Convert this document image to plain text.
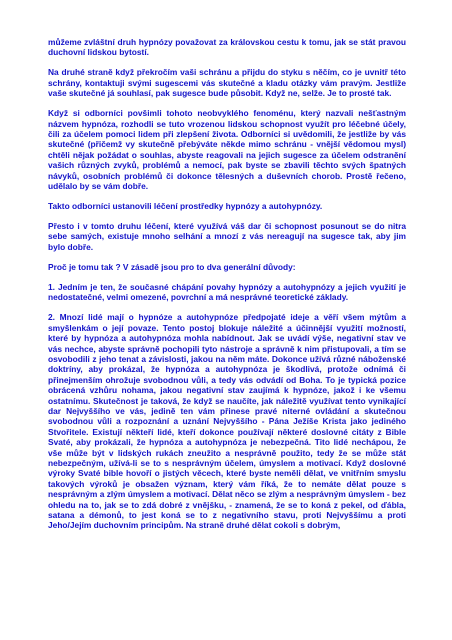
můžeme zvláštní druh hypnózy považovat za královskou cestu k tomu, jak se stát pravou duchovní lidskou bytostí.

Na druhé straně když překročím vaši schránu a přijdu do styku s něčím, co je uvnitř této schrány, kontaktuji svými sugescemi vás skutečné a kladu otázky vám pravým. Jestliže vaše skutečné já souhlasí, pak sugesce bude působit. Když ne, selže. Je to prosté tak.

Když si odborníci povšimli tohoto neobvyklého fenoménu, který nazvali nešťastným názvem hypnóza, rozhodli se tuto vrozenou lidskou schopnost využít pro léčebné účely, čili za účelem pomoci lidem při zlepšení života. Odborníci si uvědomili, že jestliže by vás skutečné (přičemž vy skutečně přebýváte někde mimo schránu - vnější vědomou mysl) chtěli nějak požádat o souhlas, abyste reagovali na jejich sugesce za účelem odstranění vašich různých zvyků, problémů a nemocí, pak byste se zbavili těchto svých špatných návyků, osobních problémů či dokonce tělesných a duševních chorob. Prostě řečeno, udělalo by se vám dobře.

Takto odborníci ustanovili léčení prostředky hypnózy a autohypnózy.

Přesto i v tomto druhu léčení, které využívá váš dar či schopnost posunout se do nitra sebe samých, existuje mnoho selhání a mnozí z vás nereagují na sugesce tak, aby jim bylo dobře.

Proč je tomu tak ? V zásadě jsou pro to dva generální důvody:

1. Jedním je ten, že současné chápání povahy hypnózy a autohypnózy a jejich využití je nedostatečné, velmi omezené, povrchní a má nesprávné teoretické základy.

2. Mnozí lidé mají o hypnóze a autohypnóze předpojaté ideje a věří všem mýtům a smyšlenkám o její povaze. Tento postoj blokuje náležité a účinnější využití možností, které by hypnóza a autohypnóza mohla nabídnout. Jak se uvádí výše, negativní stav ve vás nechce, abyste správně pochopili tyto nástroje a správně k nim přistupovali, a tím se osvobodili z jeho tenat a závislosti, jakou na něm máte. Dokonce užívá různé náboženské doktríny, aby prokázal, že hypnóza a autohypnóza je škodlivá, protože odnímá či přinejmenším ohrožuje svobodnou vůli, a tedy vás odvádí od Boha. To je typická pozice obrácená vzhůru nohama, jakou negativní stav zaujímá k hypnóze, jakož i ke všemu ostatnímu. Skutečnost je taková, že když se naučíte, jak náležitě využívat tento vynikající dar Nejvyššího ve vás, jedině ten vám přinese pravé niterné ovládání a skutečnou svobodnou vůli a rozpoznání a uznání Nejvyššího - Pána Ježíše Krista jako jediného Stvořitele. Existují někteří lidé, kteří dokonce používají některé doslovné citáty z Bible Svaté, aby prokázali, že hypnóza a autohypnóza je nebezpečná. Tito lidé nechápou, že vše může být v lidských rukách zneužito a nesprávně použito, tedy že se může stát nebezpečným, užívá-li se to s nesprávným účelem, úmyslem a motivací. Když doslovné výroky Svaté bible hovoří o jistých věcech, které byste neměli dělat, ve vnitřním smyslu takových výroků je obsažen význam, který vám říká, že to nemáte dělat pouze s nesprávným a zlým úmyslem a motivací. Dělat něco se zlým a nesprávným úmyslem - bez ohledu na to, jak se to zdá dobré z vnějšku, - znamená, že se to koná z pekel, od ďábla, satana a démonů, to jest koná se to z negativního stavu, proti Nejvyššímu a proti Jeho/Jejím duchovním principům. Na straně druhé dělat cokoli s dobrým,
